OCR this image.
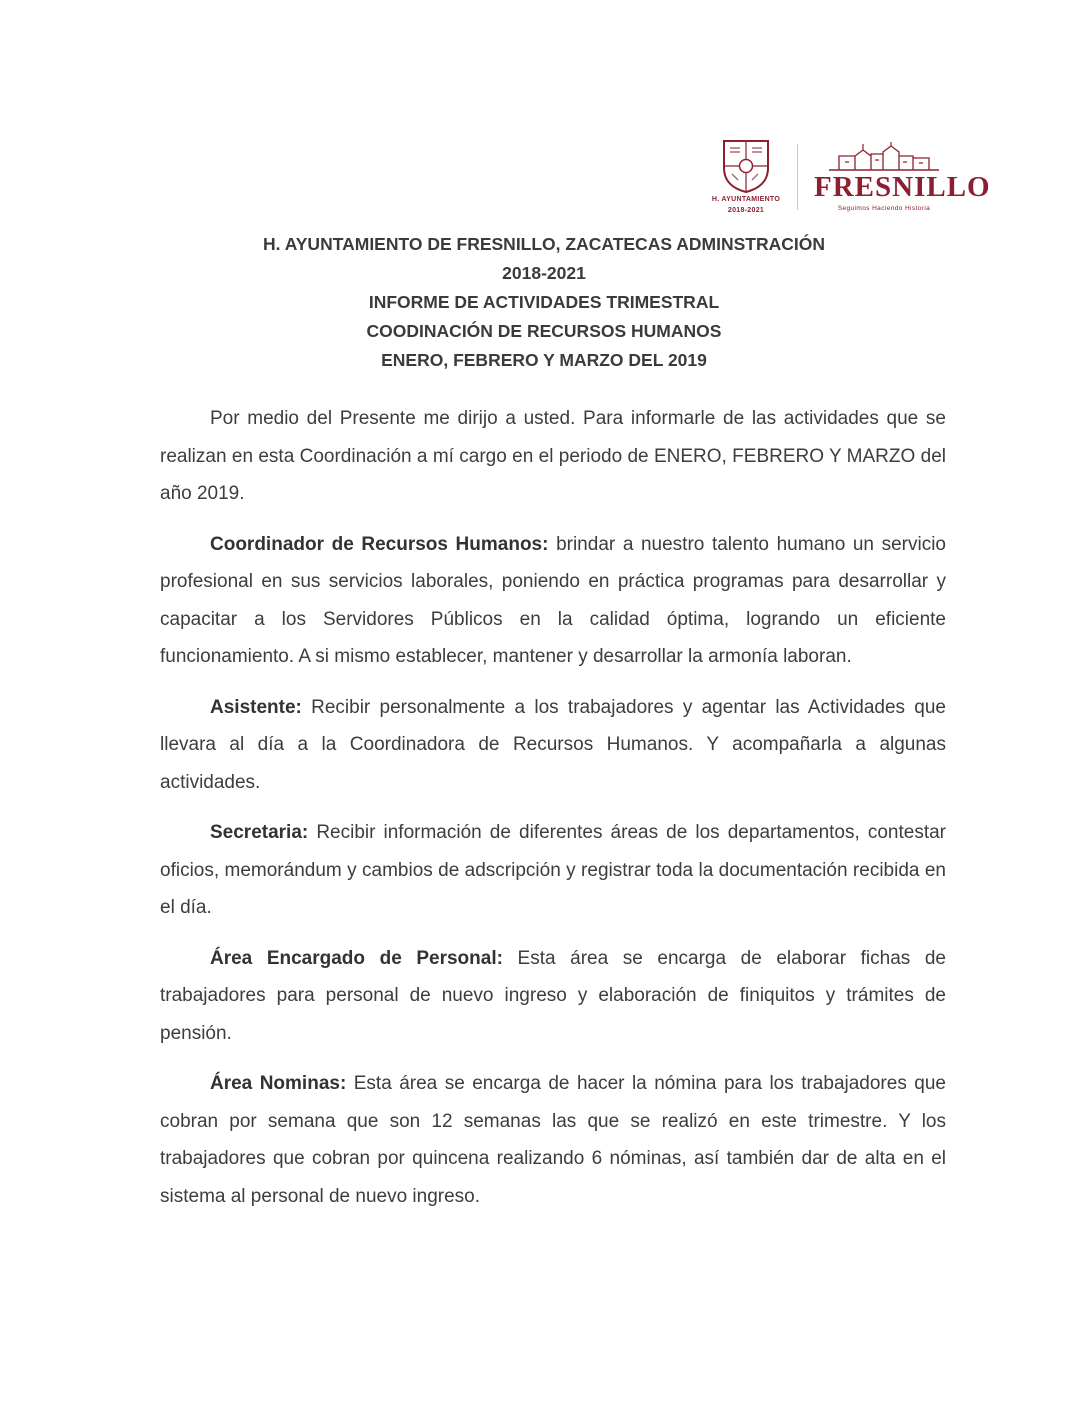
H. AYUNTAMIENTO
2018-2021
FRESNILLO
Seguimos Haciendo Historia
H. AYUNTAMIENTO DE FRESNILLO, ZACATECAS ADMINSTRACIÓN
2018-2021
INFORME DE ACTIVIDADES TRIMESTRAL
COODINACIÓN DE RECURSOS HUMANOS
ENERO, FEBRERO Y MARZO DEL 2019

Por medio del Presente me dirijo a usted. Para informarle de las actividades que se realizan en esta Coordinación a mí cargo en el periodo de ENERO, FEBRERO Y MARZO del año 2019.

Coordinador de Recursos Humanos: brindar a nuestro talento humano un servicio profesional en sus servicios laborales, poniendo en práctica programas para desarrollar y capacitar a los Servidores Públicos en la calidad óptima, logrando un eficiente funcionamiento. A si mismo establecer, mantener y desarrollar la armonía laboran.

Asistente: Recibir personalmente a los trabajadores y agentar las Actividades que llevara al día a la Coordinadora de Recursos Humanos. Y acompañarla a algunas actividades.

Secretaria: Recibir información de diferentes áreas de los departamentos, contestar oficios, memorándum y cambios de adscripción y registrar toda la documentación recibida en el día.

Área Encargado de Personal: Esta área se encarga de elaborar fichas de trabajadores para personal de nuevo ingreso y elaboración de finiquitos y trámites de pensión.

Área Nominas: Esta área se encarga de hacer la nómina para los trabajadores que cobran por semana que son 12 semanas las que se realizó en este trimestre. Y los trabajadores que cobran por quincena realizando 6 nóminas, así también dar de alta en el sistema al personal de nuevo ingreso.
